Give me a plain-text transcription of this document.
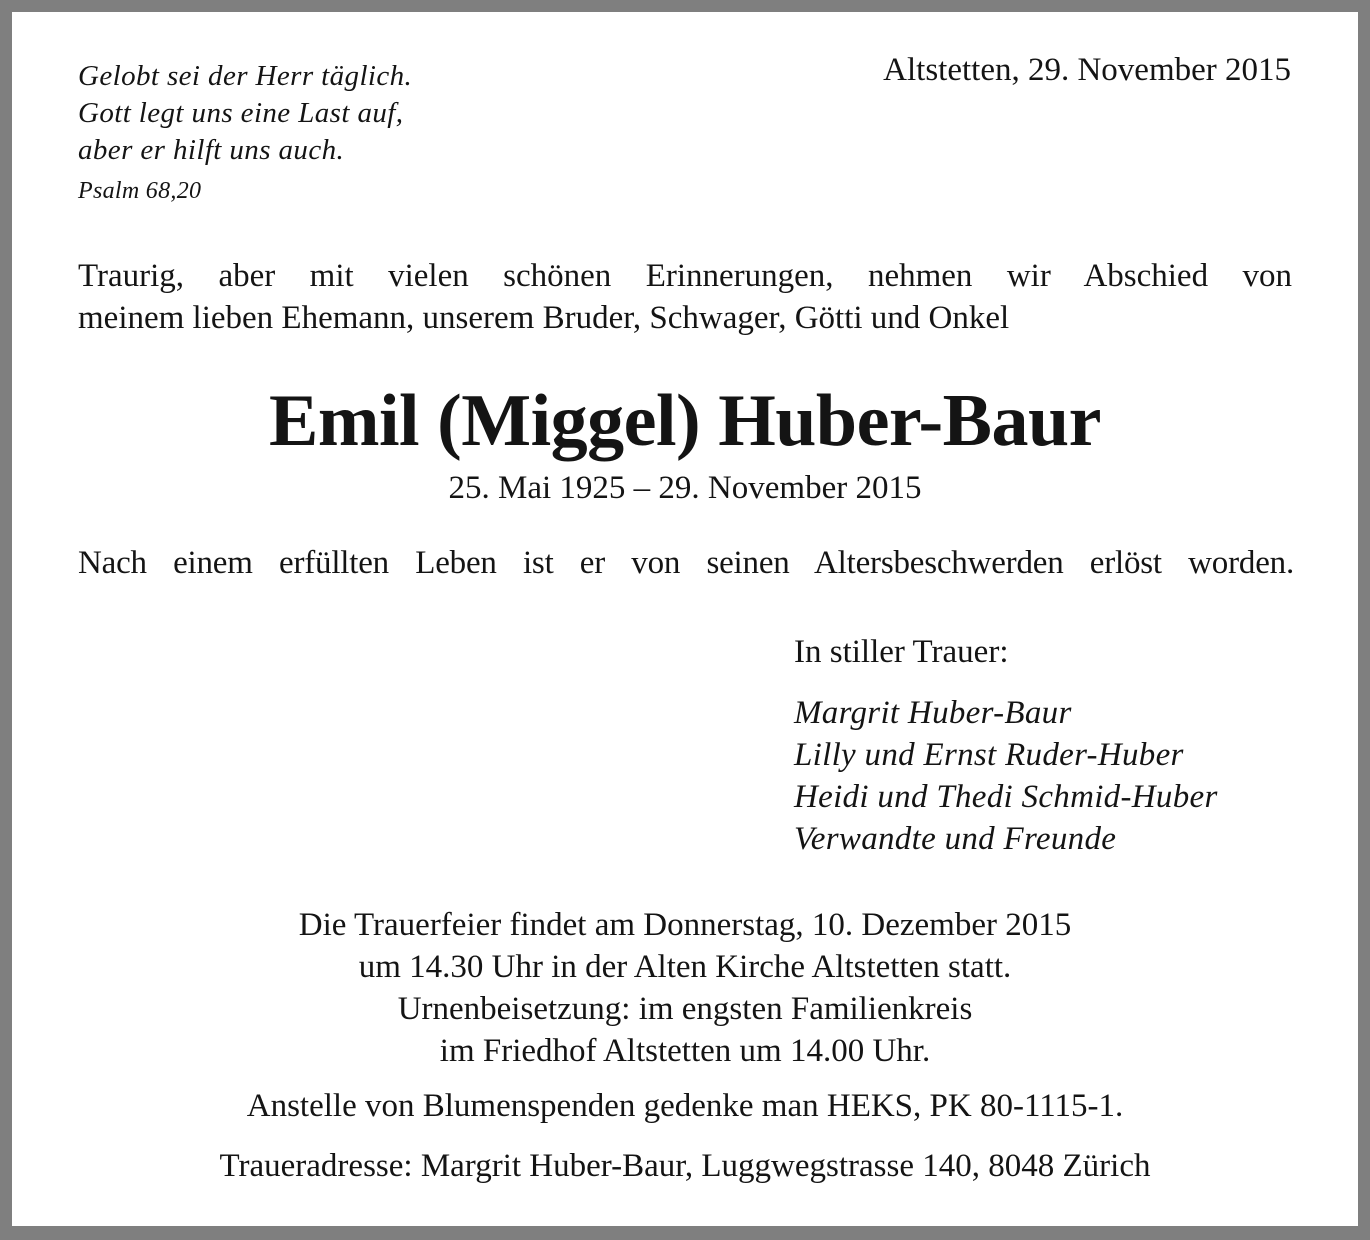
Gelobt sei der Herr täglich.
Gott legt uns eine Last auf,
aber er hilft uns auch.
Psalm 68,20
Altstetten, 29. November 2015
Traurig, aber mit vielen schönen Erinnerungen, nehmen wir Abschied von
meinem lieben Ehemann, unserem Bruder, Schwager, Götti und Onkel
Emil (Miggel) Huber-Baur
25. Mai 1925 – 29. November 2015
Nach einem erfüllten Leben ist er von seinen Altersbeschwerden erlöst worden.
In stiller Trauer:
Margrit Huber-Baur
Lilly und Ernst Ruder-Huber
Heidi und Thedi Schmid-Huber
Verwandte und Freunde
Die Trauerfeier findet am Donnerstag, 10. Dezember 2015
um 14.30 Uhr in der Alten Kirche Altstetten statt.
Urnenbeisetzung: im engsten Familienkreis
im Friedhof Altstetten um 14.00 Uhr.
Anstelle von Blumenspenden gedenke man HEKS, PK 80-1115-1.
Traueradresse: Margrit Huber-Baur, Luggwegstrasse 140, 8048 Zürich
